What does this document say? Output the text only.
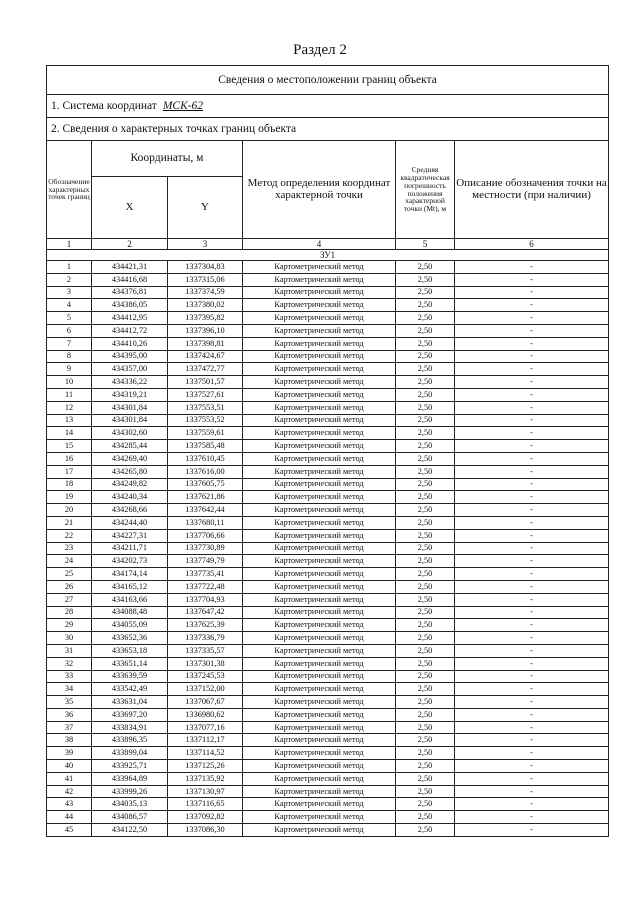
Раздел 2
Сведения о местоположении границ объекта					
1. Система координат МСК-62					
2. Сведения о характерных точках границ объекта					
Обозначение характерных точек границ	Координаты, м		Метод определения координат характерной точки	Средняя квадратическая погрешность положения характерной точки (Mt), м	Описание обозначения точки на местности (при наличии)
	X	Y			
1	2	3	4	5	6
ЗУ1					
1	434421,31	1337304,83	Картометрический метод	2,50	-
2	434416,68	1337315,06	Картометрический метод	2,50	-
3	434376,81	1337374,59	Картометрический метод	2,50	-
4	434386,05	1337380,02	Картометрический метод	2,50	-
5	434412,95	1337395,82	Картометрический метод	2,50	-
6	434412,72	1337396,10	Картометрический метод	2,50	-
7	434410,26	1337398,81	Картометрический метод	2,50	-
8	434395,00	1337424,67	Картометрический метод	2,50	-
9	434357,00	1337472,77	Картометрический метод	2,50	-
10	434336,22	1337501,57	Картометрический метод	2,50	-
11	434319,21	1337527,61	Картометрический метод	2,50	-
12	434301,84	1337553,51	Картометрический метод	2,50	-
13	434301,84	1337553,52	Картометрический метод	2,50	-
14	434302,60	1337559,61	Картометрический метод	2,50	-
15	434285,44	1337585,48	Картометрический метод	2,50	-
16	434269,40	1337610,45	Картометрический метод	2,50	-
17	434265,80	1337616,00	Картометрический метод	2,50	-
18	434249,82	1337605,75	Картометрический метод	2,50	-
19	434240,34	1337621,86	Картометрический метод	2,50	-
20	434268,66	1337642,44	Картометрический метод	2,50	-
21	434244,40	1337680,11	Картометрический метод	2,50	-
22	434227,31	1337706,66	Картометрический метод	2,50	-
23	434211,71	1337730,89	Картометрический метод	2,50	-
24	434202,73	1337749,79	Картометрический метод	2,50	-
25	434174,14	1337735,41	Картометрический метод	2,50	-
26	434165,12	1337722,48	Картометрический метод	2,50	-
27	434163,66	1337704,93	Картометрический метод	2,50	-
28	434088,48	1337647,42	Картометрический метод	2,50	-
29	434055,09	1337625,39	Картометрический метод	2,50	-
30	433652,36	1337336,79	Картометрический метод	2,50	-
31	433653,18	1337335,57	Картометрический метод	2,50	-
32	433651,14	1337301,38	Картометрический метод	2,50	-
33	433639,59	1337245,53	Картометрический метод	2,50	-
34	433542,49	1337152,00	Картометрический метод	2,50	-
35	433631,04	1337067,67	Картометрический метод	2,50	-
36	433697,20	1336980,62	Картометрический метод	2,50	-
37	433834,91	1337077,16	Картометрический метод	2,50	-
38	433896,35	1337112,17	Картометрический метод	2,50	-
39	433899,04	1337114,52	Картометрический метод	2,50	-
40	433925,71	1337125,26	Картометрический метод	2,50	-
41	433964,89	1337135,92	Картометрический метод	2,50	-
42	433999,26	1337130,97	Картометрический метод	2,50	-
43	434035,13	1337116,65	Картометрический метод	2,50	-
44	434086,57	1337092,82	Картометрический метод	2,50	-
45	434122,50	1337086,30	Картометрический метод	2,50	-
